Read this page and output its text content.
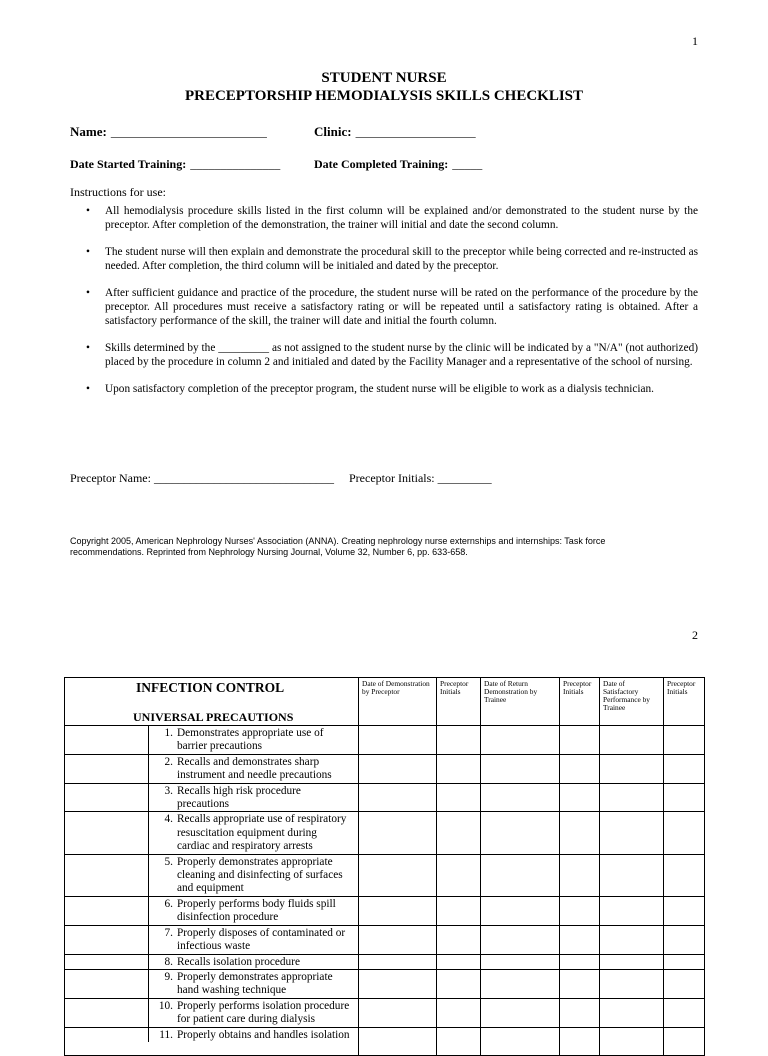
1
STUDENT NURSE
PRECEPTORSHIP HEMODIALYSIS SKILLS CHECKLIST
Name: __________________________	Clinic: ____________________
Date Started Training: _______________	Date Completed Training: _____
Instructions for use:
• All hemodialysis procedure skills listed in the first column will be explained and/or demonstrated to the student nurse by the preceptor. After completion of the demonstration, the trainer will initial and date the second column.
• The student nurse will then explain and demonstrate the procedural skill to the preceptor while being corrected and re-instructed as needed. After completion, the third column will be initialed and dated by the preceptor.
• After sufficient guidance and practice of the procedure, the student nurse will be rated on the performance of the procedure by the preceptor. All procedures must receive a satisfactory rating or will be repeated until a satisfactory rating is obtained. After a satisfactory performance of the skill, the trainer will date and initial the fourth column.
• Skills determined by the _________ as not assigned to the student nurse by the clinic will be indicated by a "N/A" (not authorized) placed by the procedure in column 2 and initialed and dated by the Facility Manager and a representative of the school of nursing.
• Upon satisfactory completion of the preceptor program, the student nurse will be eligible to work as a dialysis technician.
Preceptor Name: ______________________________ Preceptor Initials: _________
Copyright 2005, American Nephrology Nurses' Association (ANNA). Creating nephrology nurse externships and internships: Task force recommendations. Reprinted from Nephrology Nursing Journal, Volume 32, Number 6, pp. 633-658.
2
INFECTION CONTROL
UNIVERSAL PRECAUTIONS	Date of Demonstration by Preceptor	Preceptor Initials	Date of Return Demonstration by Trainee	Preceptor Initials	Date of Satisfactory Performance by Trainee	Preceptor Initials

1. Demonstrates appropriate use of barrier precautions						

2. Recalls and demonstrates sharp instrument and needle precautions						

3. Recalls high risk procedure precautions						

4. Recalls appropriate use of respiratory resuscitation equipment during cardiac and respiratory arrests						

5. Properly demonstrates appropriate cleaning and disinfecting of surfaces and equipment						

6. Properly performs body fluids spill disinfection procedure						

7. Properly disposes of contaminated or infectious waste						

8. Recalls isolation procedure						

9. Properly demonstrates appropriate hand washing technique						

10. Properly performs isolation procedure for patient care during dialysis						

11. Properly obtains and handles isolation						
